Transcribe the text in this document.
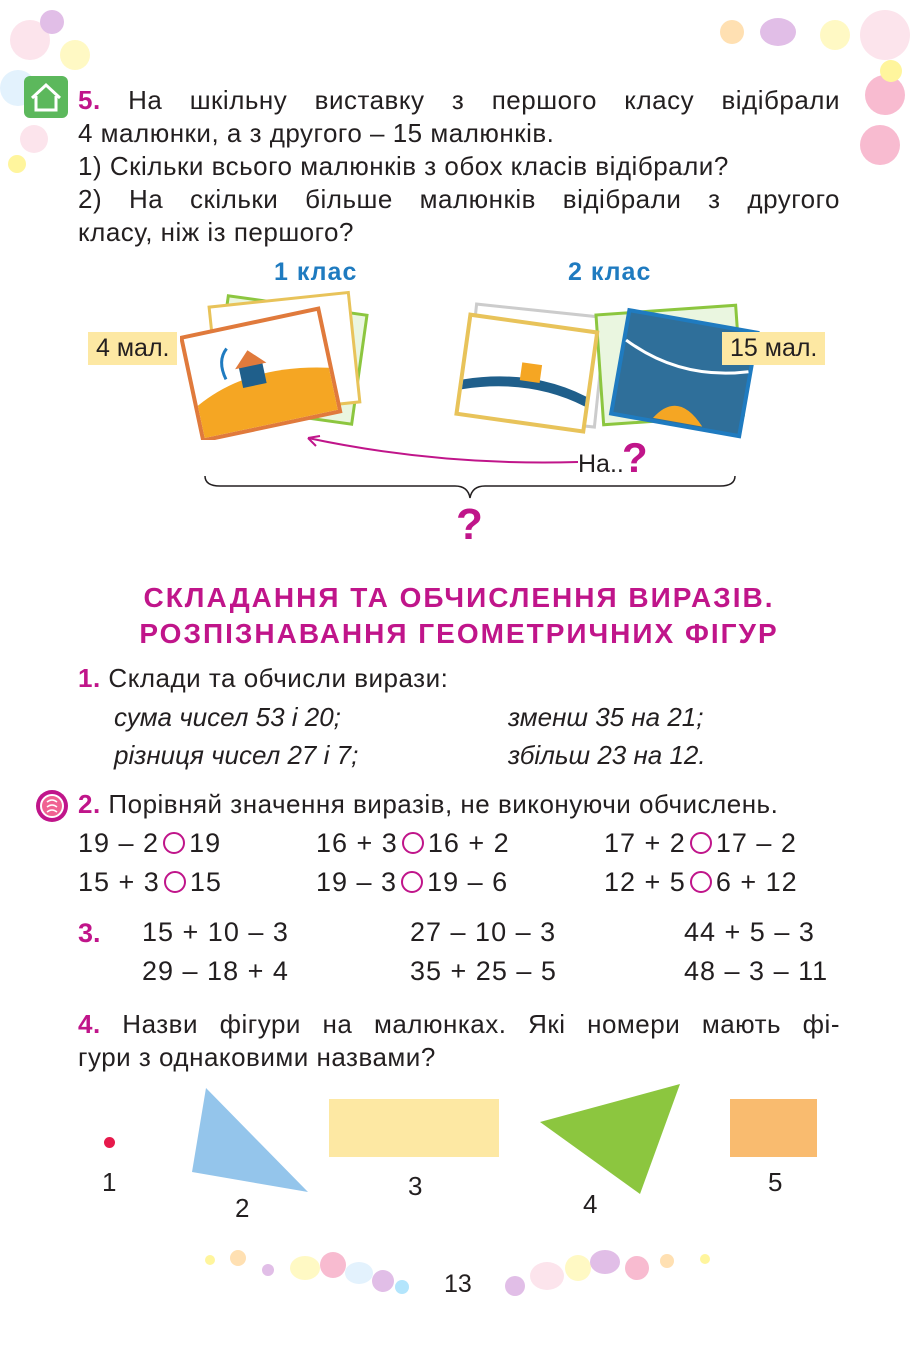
5. На шкільну виставку з першого класу відібрали
4 малюнки, а з другого – 15 малюнків.
1) Скільки всього малюнків з обох класів відібрали?
2) На скільки більше малюнків відібрали з другого
класу, ніж із першого?
1 клас	2 клас
4 мал.	15 мал.
На..
?
?
СКЛАДАННЯ ТА ОБЧИСЛЕННЯ ВИРАЗІВ.
РОЗПІЗНАВАННЯ ГЕОМЕТРИЧНИХ ФІГУР
1. Склади та обчисли вирази:
сума чисел 53 і 20;	зменш 35 на 21;
різниця чисел 27 і 7;	збільш 23 на 12.
2. Порівняй значення виразів, не виконуючи обчислень.
19 – 2 19	16 + 3 16 + 2	17 + 2 17 – 2
15 + 3 15	19 – 3 19 – 6	12 + 5 6 + 12
3. 15 + 10 – 3	27 – 10 – 3	44 + 5 – 3
29 – 18 + 4	35 + 25 – 5	48 – 3 – 11
4. Назви фігури на малюнках. Які номери мають фі-
гури з однаковими назвами?
1
2
3
4
5
13
